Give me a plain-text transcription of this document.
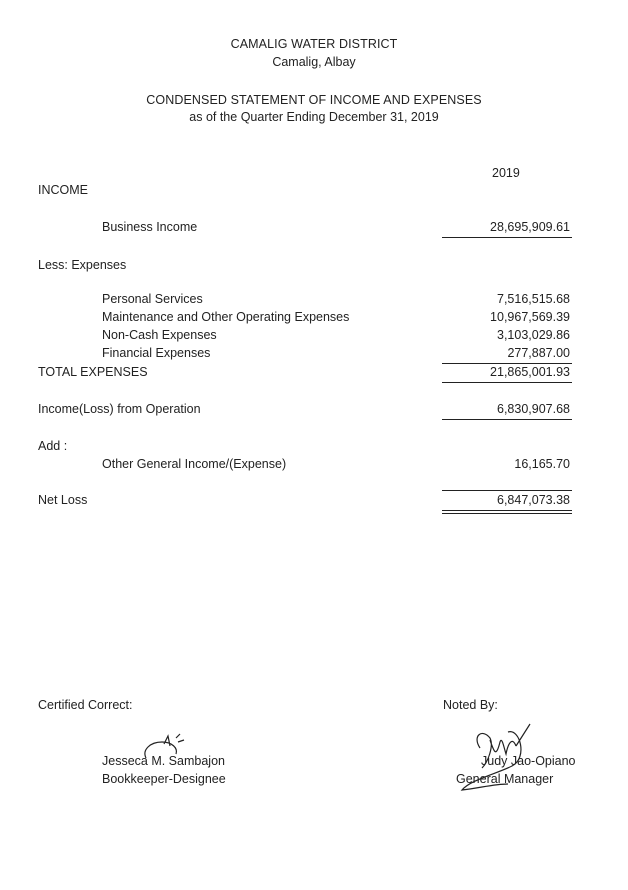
CAMALIG WATER DISTRICT
Camalig, Albay
CONDENSED STATEMENT OF INCOME AND EXPENSES
as of the Quarter Ending December 31, 2019
2019
INCOME
Business Income	28,695,909.61
Less: Expenses
Personal Services	7,516,515.68
Maintenance and Other Operating Expenses	10,967,569.39
Non-Cash Expenses	3,103,029.86
Financial Expenses	277,887.00
TOTAL EXPENSES	21,865,001.93
Income(Loss) from Operation	6,830,907.68
Add :
Other General Income/(Expense)	16,165.70
Net Loss	6,847,073.38
Certified Correct:
Jesseca M. Sambajon
Bookkeeper-Designee
Noted By:
Judy Jao-Opiano
General Manager
